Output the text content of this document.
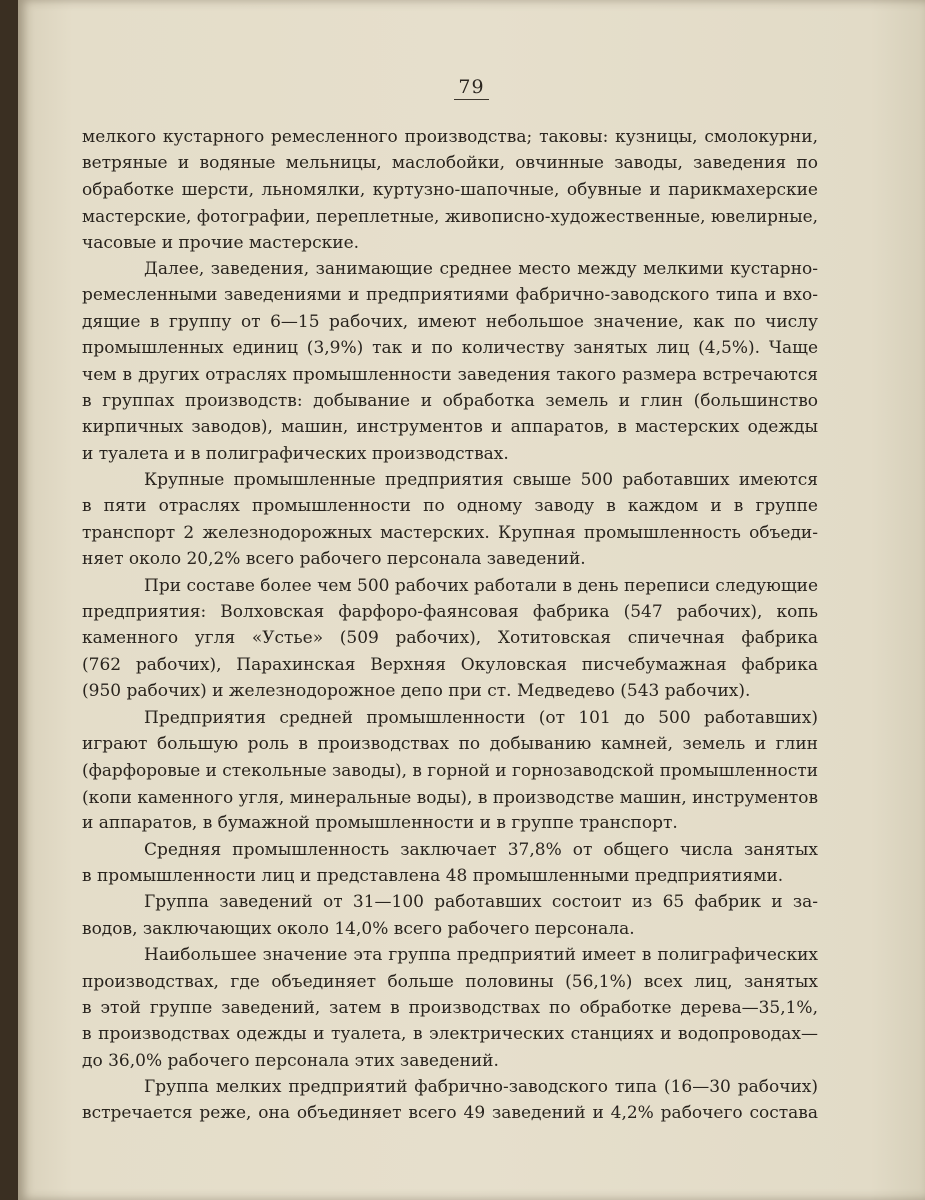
79
мелкого кустарного ремесленного производства; таковы: кузницы, смолокурни,
ветряные и водяные мельницы, маслобойки, овчинные заводы, заведения по
обработке шерсти, льномялки, куртузно-шапочные, обувные и парикмахерские
мастерские, фотографии, переплетные, живописно-художественные, ювелирные,
часовые и прочие мастерские.
Далее, заведения, занимающие среднее место между мелкими кустарно-
ремесленными заведениями и предприятиями фабрично-заводского типа и вхо-
дящие в группу от 6—15 рабочих, имеют небольшое значение, как по числу
промышленных единиц (3,9%) так и по количеству занятых лиц (4,5%). Чаще
чем в других отраслях промышленности заведения такого размера встречаются
в группах производств: добывание и обработка земель и глин (большинство
кирпичных заводов), машин, инструментов и аппаратов, в мастерских одежды
и туалета и в полиграфических производствах.
Крупные промышленные предприятия свыше 500 работавших имеются
в пяти отраслях промышленности по одному заводу в каждом и в группе
транспорт 2 железнодорожных мастерских. Крупная промышленность объеди-
няет около 20,2% всего рабочего персонала заведений.
При составе более чем 500 рабочих работали в день переписи следующие
предприятия: Волховская фарфоро-фаянсовая фабрика (547 рабочих), копь
каменного угля «Устье» (509 рабочих), Хотитовская спичечная фабрика
(762 рабочих), Парахинская Верхняя Окуловская писчебумажная фабрика
(950 рабочих) и железнодорожное депо при ст. Медведево (543 рабочих).
Предприятия средней промышленности (от 101 до 500 работавших)
играют большую роль в производствах по добыванию камней, земель и глин
(фарфоровые и стекольные заводы), в горной и горнозаводской промышленности
(копи каменного угля, минеральные воды), в производстве машин, инструментов
и аппаратов, в бумажной промышленности и в группе транспорт.
Средняя промышленность заключает 37,8% от общего числа занятых
в промышленности лиц и представлена 48 промышленными предприятиями.
Группа заведений от 31—100 работавших состоит из 65 фабрик и за-
водов, заключающих около 14,0% всего рабочего персонала.
Наибольшее значение эта группа предприятий имеет в полиграфических
производствах, где объединяет больше половины (56,1%) всех лиц, занятых
в этой группе заведений, затем в производствах по обработке дерева—35,1%,
в производствах одежды и туалета, в электрических станциях и водопроводах—
до 36,0% рабочего персонала этих заведений.
Группа мелких предприятий фабрично-заводского типа (16—30 рабочих)
встречается реже, она объединяет всего 49 заведений и 4,2% рабочего состава
